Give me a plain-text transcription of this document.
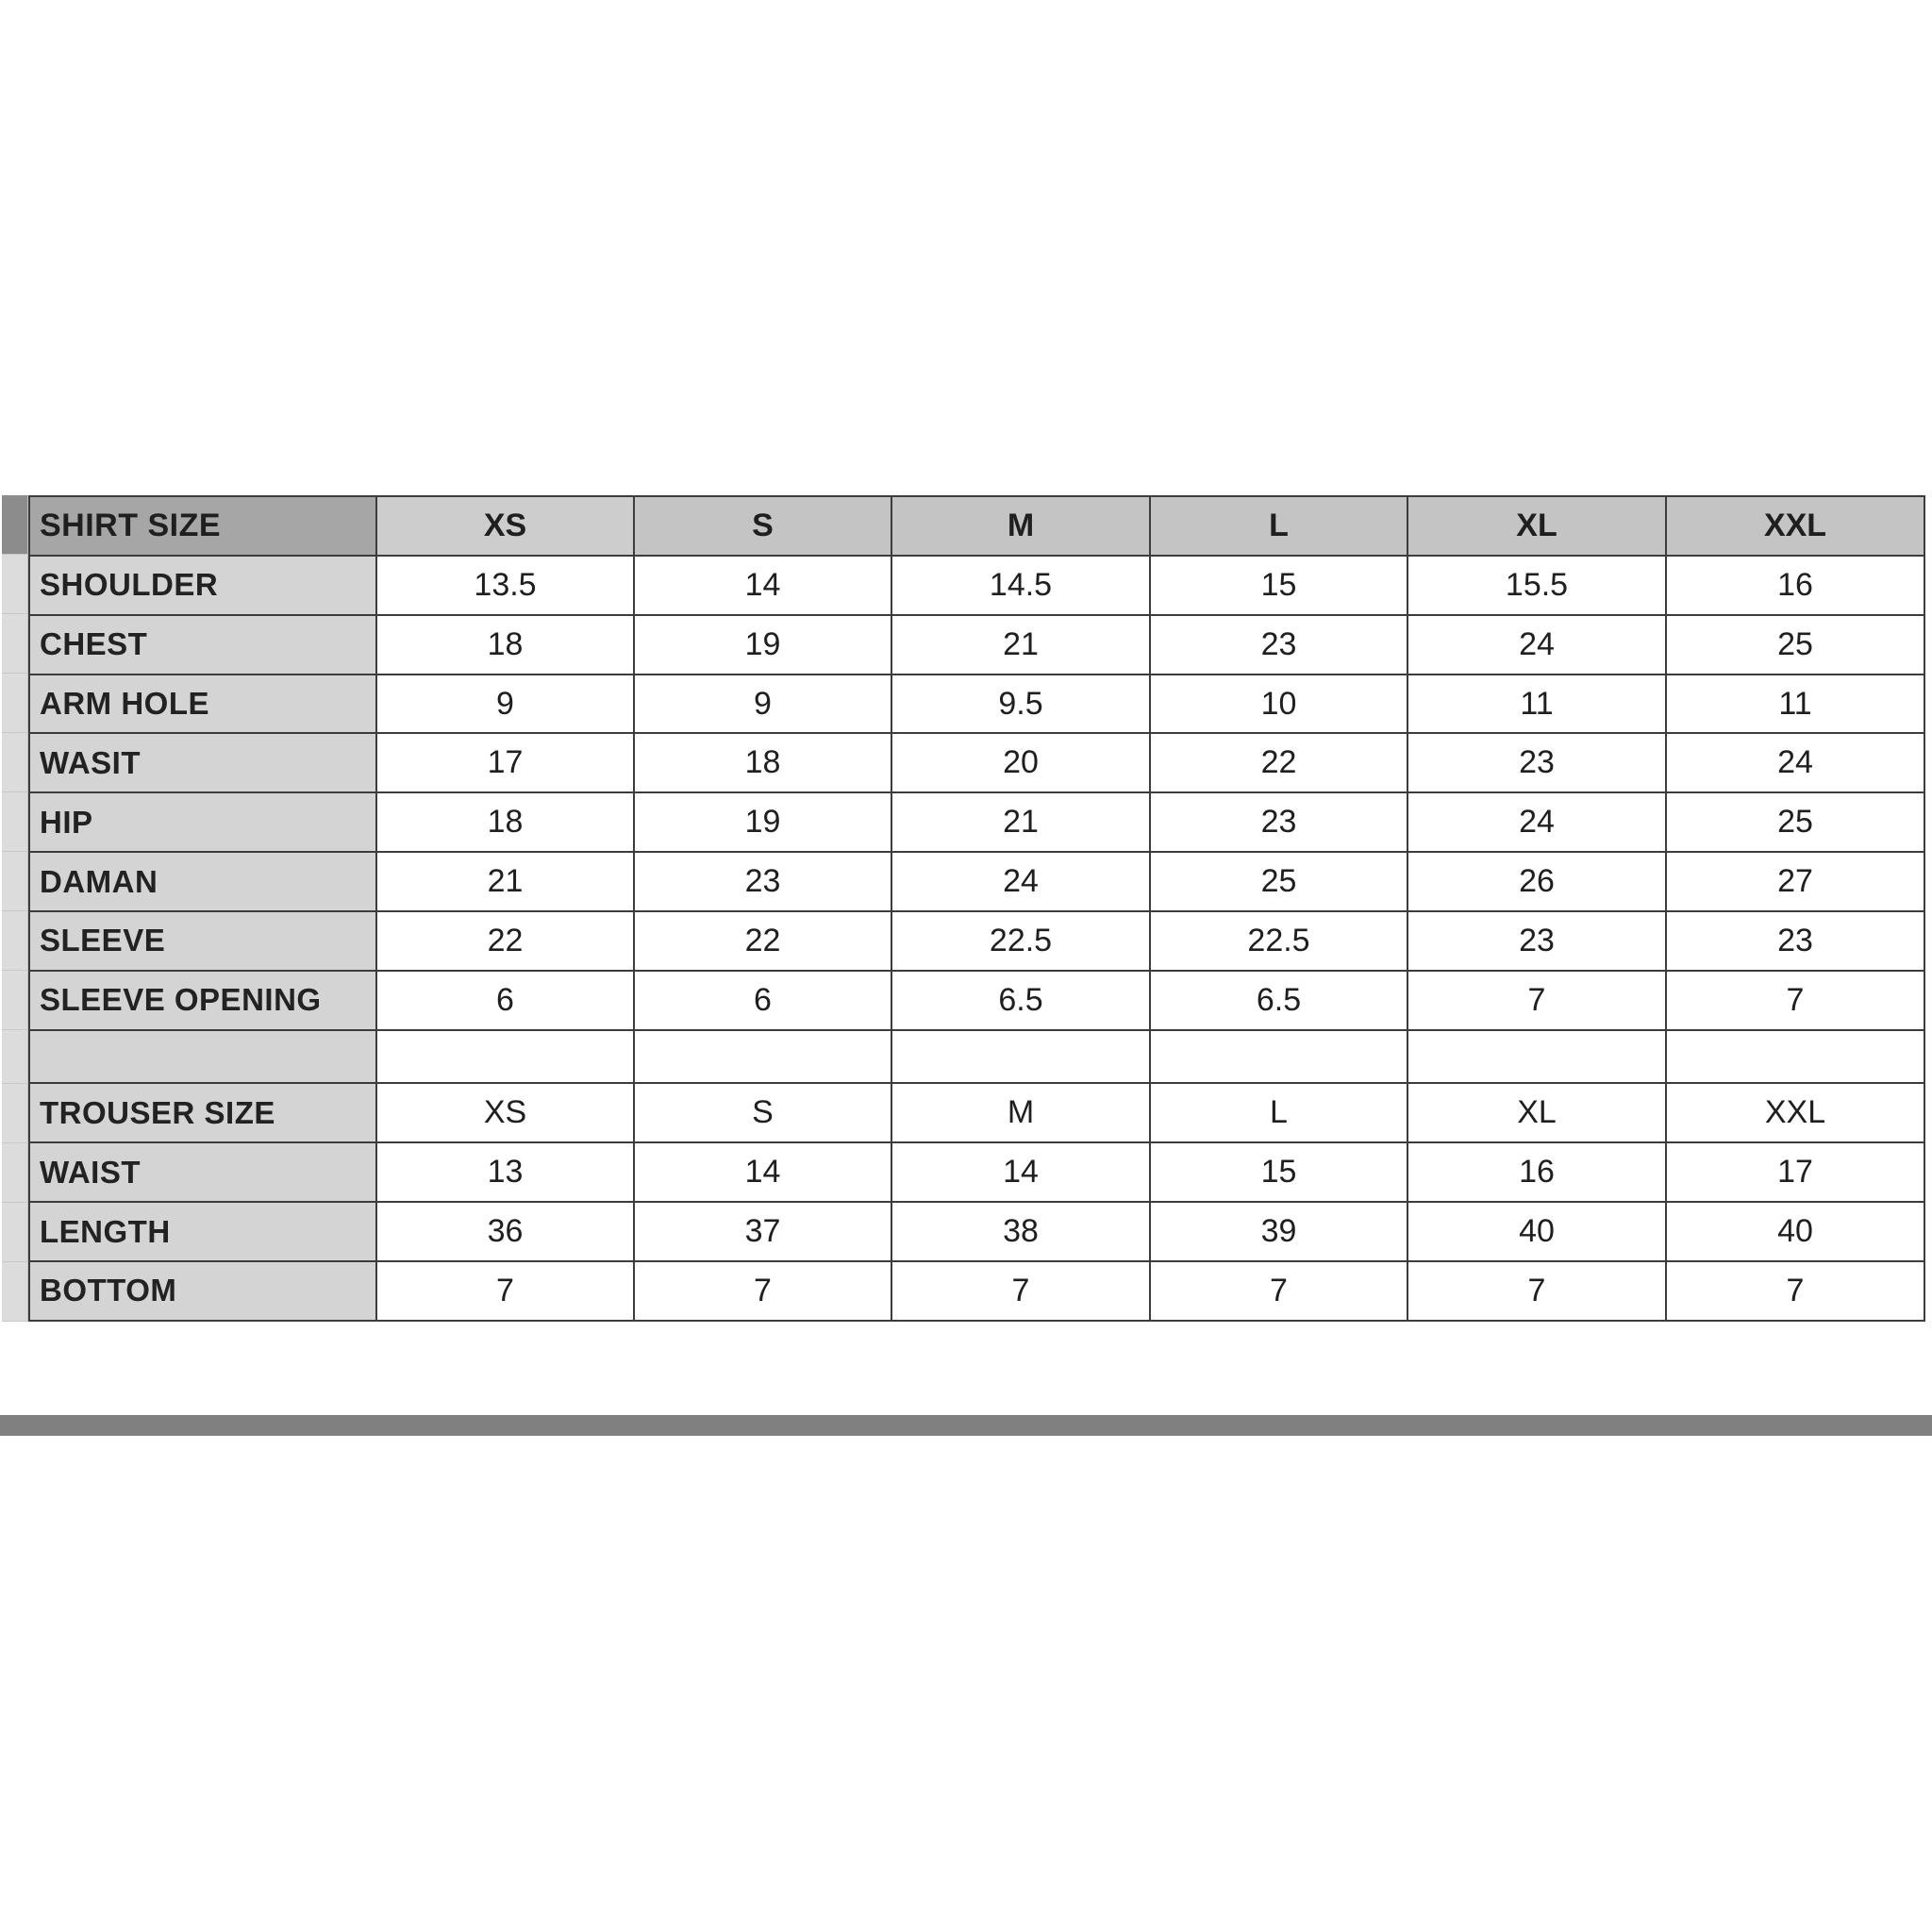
SHIRT SIZE	XS	S	M	L	XL	XXL
SHOULDER	13.5	14	14.5	15	15.5	16
CHEST	18	19	21	23	24	25
ARM HOLE	9	9	9.5	10	11	11
WASIT	17	18	20	22	23	24
HIP	18	19	21	23	24	25
DAMAN	21	23	24	25	26	27
SLEEVE	22	22	22.5	22.5	23	23
SLEEVE OPENING	6	6	6.5	6.5	7	7

TROUSER SIZE	XS	S	M	L	XL	XXL
WAIST	13	14	14	15	16	17
LENGTH	36	37	38	39	40	40
BOTTOM	7	7	7	7	7	7
